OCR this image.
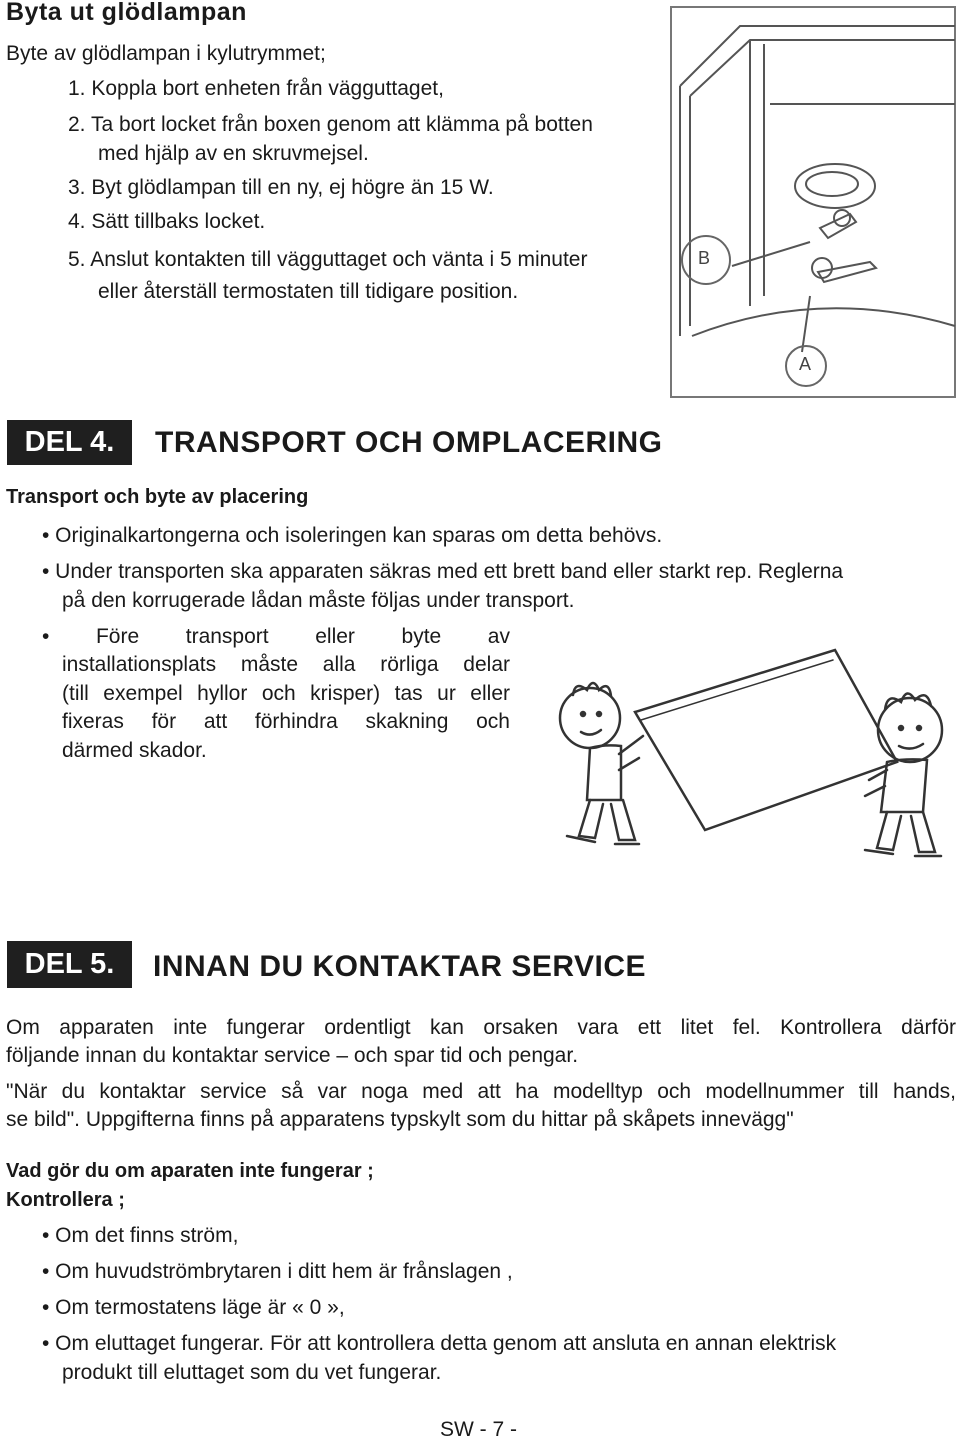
Byta ut glödlampan
Byte av glödlampan i kylutrymmet;
1. Koppla bort enheten från vägguttaget,
2. Ta bort locket från boxen genom att klämma på botten
med hjälp av en skruvmejsel.
3. Byt glödlampan till en ny, ej högre än 15 W.
4. Sätt tillbaks locket.
5. Anslut kontakten till vägguttaget och vänta i 5 minuter
eller återställ termostaten till tidigare position.
B
A
DEL 4.	TRANSPORT OCH OMPLACERING
Transport och byte av placering
• Originalkartongerna och isoleringen kan sparas om detta behövs.
• Under transporten ska apparaten säkras med ett brett band eller starkt rep. Reglerna
på den korrugerade lådan måste följas under transport.
• Före transport eller byte av
installationsplats måste alla rörliga delar
(till exempel hyllor och krisper) tas ur eller
fixeras för att förhindra skakning och
därmed skador.
DEL 5.	INNAN DU KONTAKTAR SERVICE
Om apparaten inte fungerar ordentligt kan orsaken vara ett litet fel. Kontrollera därför
följande innan du kontaktar service – och spar tid och pengar.
"När du kontaktar service så var noga med att ha modelltyp och modellnummer till hands,
se bild". Uppgifterna finns på apparatens typskylt som du hittar på skåpets innevägg"
Vad gör du om aparaten inte fungerar ;
Kontrollera ;
• Om det finns ström,
• Om huvudströmbrytaren i ditt hem är frånslagen ,
• Om termostatens läge är « 0 »,
• Om eluttaget fungerar. För att kontrollera detta genom att ansluta en annan elektrisk
produkt till eluttaget som du vet fungerar.
SW - 7 -
